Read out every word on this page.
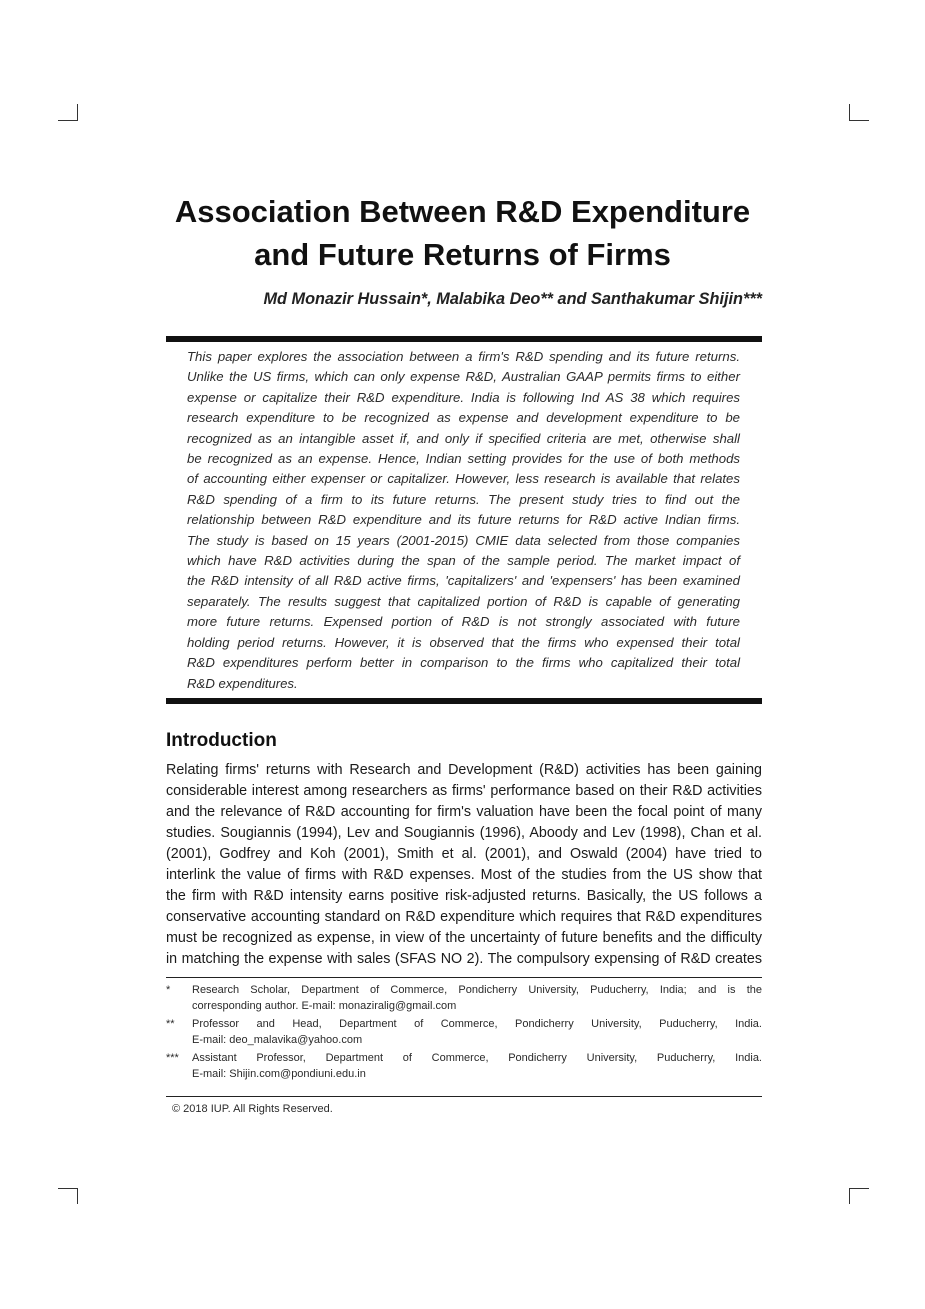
Association Between R&D Expenditure
and Future Returns of Firms
Md Monazir Hussain*, Malabika Deo** and Santhakumar Shijin***
This paper explores the association between a firm's R&D spending and its future returns.
Unlike the US firms, which can only expense R&D, Australian GAAP permits firms to either
expense or capitalize their R&D expenditure. India is following Ind AS 38 which requires
research expenditure to be recognized as expense and development expenditure to be
recognized as an intangible asset if, and only if specified criteria are met, otherwise shall
be recognized as an expense. Hence, Indian setting provides for the use of both methods
of accounting either expenser or capitalizer. However, less research is available that relates
R&D spending of a firm to its future returns. The present study tries to find out the
relationship between R&D expenditure and its future returns for R&D active Indian firms.
The study is based on 15 years (2001-2015) CMIE data selected from those companies
which have R&D activities during the span of the sample period. The market impact of
the R&D intensity of all R&D active firms, 'capitalizers' and 'expensers' has been examined
separately. The results suggest that capitalized portion of R&D is capable of generating
more future returns. Expensed portion of R&D is not strongly associated with future
holding period returns. However, it is observed that the firms who expensed their total
R&D expenditures perform better in comparison to the firms who capitalized their total
R&D expenditures.
Introduction
Relating firms' returns with Research and Development (R&D) activities has been gaining
considerable interest among researchers as firms' performance based on their R&D activities
and the relevance of R&D accounting for firm's valuation have been the focal point of many
studies. Sougiannis (1994), Lev and Sougiannis (1996), Aboody and Lev (1998), Chan et al.
(2001), Godfrey and Koh (2001), Smith et al. (2001), and Oswald (2004) have tried to
interlink the value of firms with R&D expenses. Most of the studies from the US show that
the firm with R&D intensity earns positive risk-adjusted returns. Basically, the US follows a
conservative accounting standard on R&D expenditure which requires that R&D expenditures
must be recognized as expense, in view of the uncertainty of future benefits and the difficulty
in matching the expense with sales (SFAS NO 2). The compulsory expensing of R&D creates
* Research Scholar, Department of Commerce, Pondicherry University, Puducherry, India; and is the
corresponding author. E-mail: monaziralig@gmail.com
** Professor and Head, Department of Commerce, Pondicherry University, Puducherry, India.
E-mail: deo_malavika@yahoo.com
*** Assistant Professor, Department of Commerce, Pondicherry University, Puducherry, India.
E-mail: Shijin.com@pondiuni.edu.in
© 2018 IUP. All Rights Reserved.
